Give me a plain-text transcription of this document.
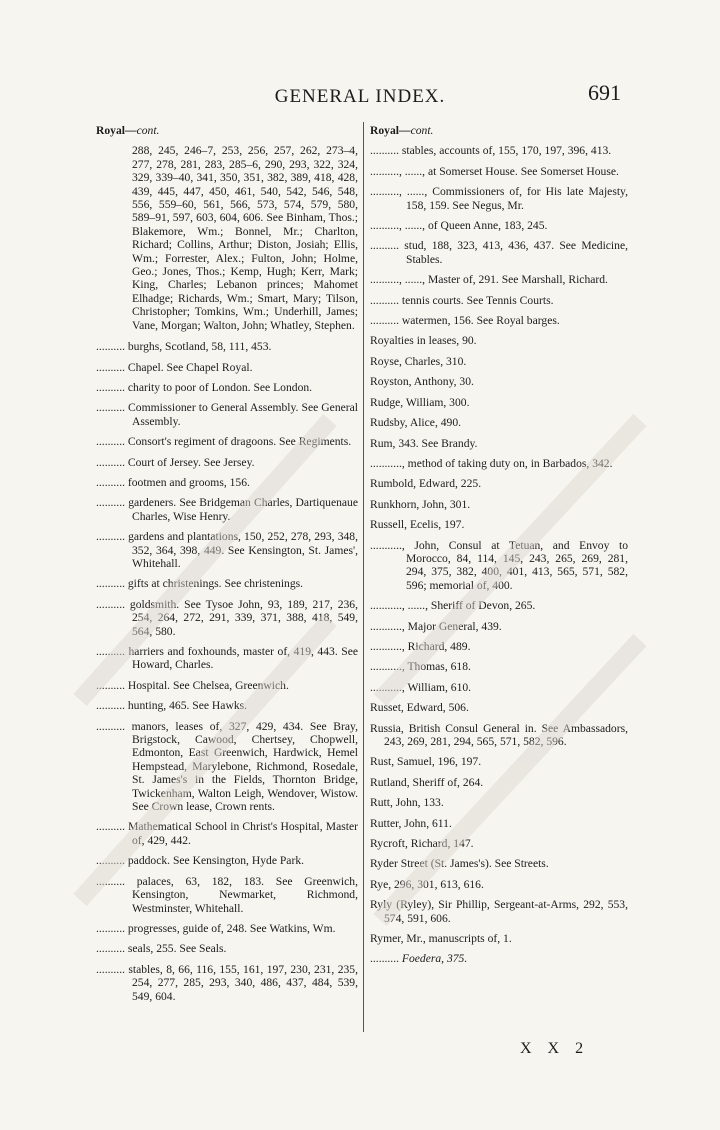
GENERAL INDEX.	691
Royal—cont.
288, 245, 246–7, 253, 256, 257, 262, 273–4, 277, 278, 281, 283, 285–6, 290, 293, 322, 324, 329, 339–40, 341, 350, 351, 382, 389, 418, 428, 439, 445, 447, 450, 461, 540, 542, 546, 548, 556, 559–60, 561, 566, 573, 574, 579, 580, 589–91, 597, 603, 604, 606. See Binham, Thos.; Blakemore, Wm.; Bonnel, Mr.; Charlton, Richard; Collins, Arthur; Diston, Josiah; Ellis, Wm.; Forrester, Alex.; Fulton, John; Holme, Geo.; Jones, Thos.; Kemp, Hugh; Kerr, Mark; King, Charles; Lebanon princes; Mahomet Elhadge; Richards, Wm.; Smart, Mary; Tilson, Christopher; Tomkins, Wm.; Underhill, James; Vane, Morgan; Walton, John; Whatley, Stephen.
.......... burghs, Scotland, 58, 111, 453.
.......... Chapel. See Chapel Royal.
.......... charity to poor of London. See London.
.......... Commissioner to General Assembly. See General Assembly.
.......... Consort's regiment of dragoons. See Regiments.
.......... Court of Jersey. See Jersey.
.......... footmen and grooms, 156.
.......... gardeners. See Bridgeman Charles, Dartiquenaue Charles, Wise Henry.
.......... gardens and plantations, 150, 252, 278, 293, 348, 352, 364, 398, 449. See Kensington, St. James', Whitehall.
.......... gifts at christenings. See christenings.
.......... goldsmith. See Tysoe John, 93, 189, 217, 236, 254, 264, 272, 291, 339, 371, 388, 418, 549, 564, 580.
.......... harriers and foxhounds, master of, 419, 443. See Howard, Charles.
.......... Hospital. See Chelsea, Greenwich.
.......... hunting, 465. See Hawks.
.......... manors, leases of, 327, 429, 434. See Bray, Brigstock, Cawood, Chertsey, Chopwell, Edmonton, East Greenwich, Hardwick, Hemel Hempstead, Marylebone, Richmond, Rosedale, St. James's in the Fields, Thornton Bridge, Twickenham, Walton Leigh, Wendover, Wistow. See Crown lease, Crown rents.
.......... Mathematical School in Christ's Hospital, Master of, 429, 442.
.......... paddock. See Kensington, Hyde Park.
.......... palaces, 63, 182, 183. See Greenwich, Kensington, Newmarket, Richmond, Westminster, Whitehall.
.......... progresses, guide of, 248. See Watkins, Wm.
.......... seals, 255. See Seals.
.......... stables, 8, 66, 116, 155, 161, 197, 230, 231, 235, 254, 277, 285, 293, 340, 486, 437, 484, 539, 549, 604.
Royal—cont.
.......... stables, accounts of, 155, 170, 197, 396, 413.
.........., ......, at Somerset House. See Somerset House.
.........., ......, Commissioners of, for His late Majesty, 158, 159. See Negus, Mr.
.........., ......, of Queen Anne, 183, 245.
.......... stud, 188, 323, 413, 436, 437. See Medicine, Stables.
.........., ......, Master of, 291. See Marshall, Richard.
.......... tennis courts. See Tennis Courts.
.......... watermen, 156. See Royal barges.
Royalties in leases, 90.
Royse, Charles, 310.
Royston, Anthony, 30.
Rudge, William, 300.
Rudsby, Alice, 490.
Rum, 343. See Brandy.
..........., method of taking duty on, in Barbados, 342.
Rumbold, Edward, 225.
Runkhorn, John, 301.
Russell, Ecelis, 197.
..........., John, Consul at Tetuan, and Envoy to Morocco, 84, 114, 145, 243, 265, 269, 281, 294, 375, 382, 400, 401, 413, 565, 571, 582, 596; memorial of, 400.
..........., ......, Sheriff of Devon, 265.
..........., Major General, 439.
..........., Richard, 489.
..........., Thomas, 618.
..........., William, 610.
Russet, Edward, 506.
Russia, British Consul General in. See Ambassadors, 243, 269, 281, 294, 565, 571, 582, 596.
Rust, Samuel, 196, 197.
Rutland, Sheriff of, 264.
Rutt, John, 133.
Rutter, John, 611.
Rycroft, Richard, 147.
Ryder Street (St. James's). See Streets.
Rye, 296, 301, 613, 616.
Ryly (Ryley), Sir Phillip, Sergeant-at-Arms, 292, 553, 574, 591, 606.
Rymer, Mr., manuscripts of, 1.
.......... Foedera, 375.
X X 2
